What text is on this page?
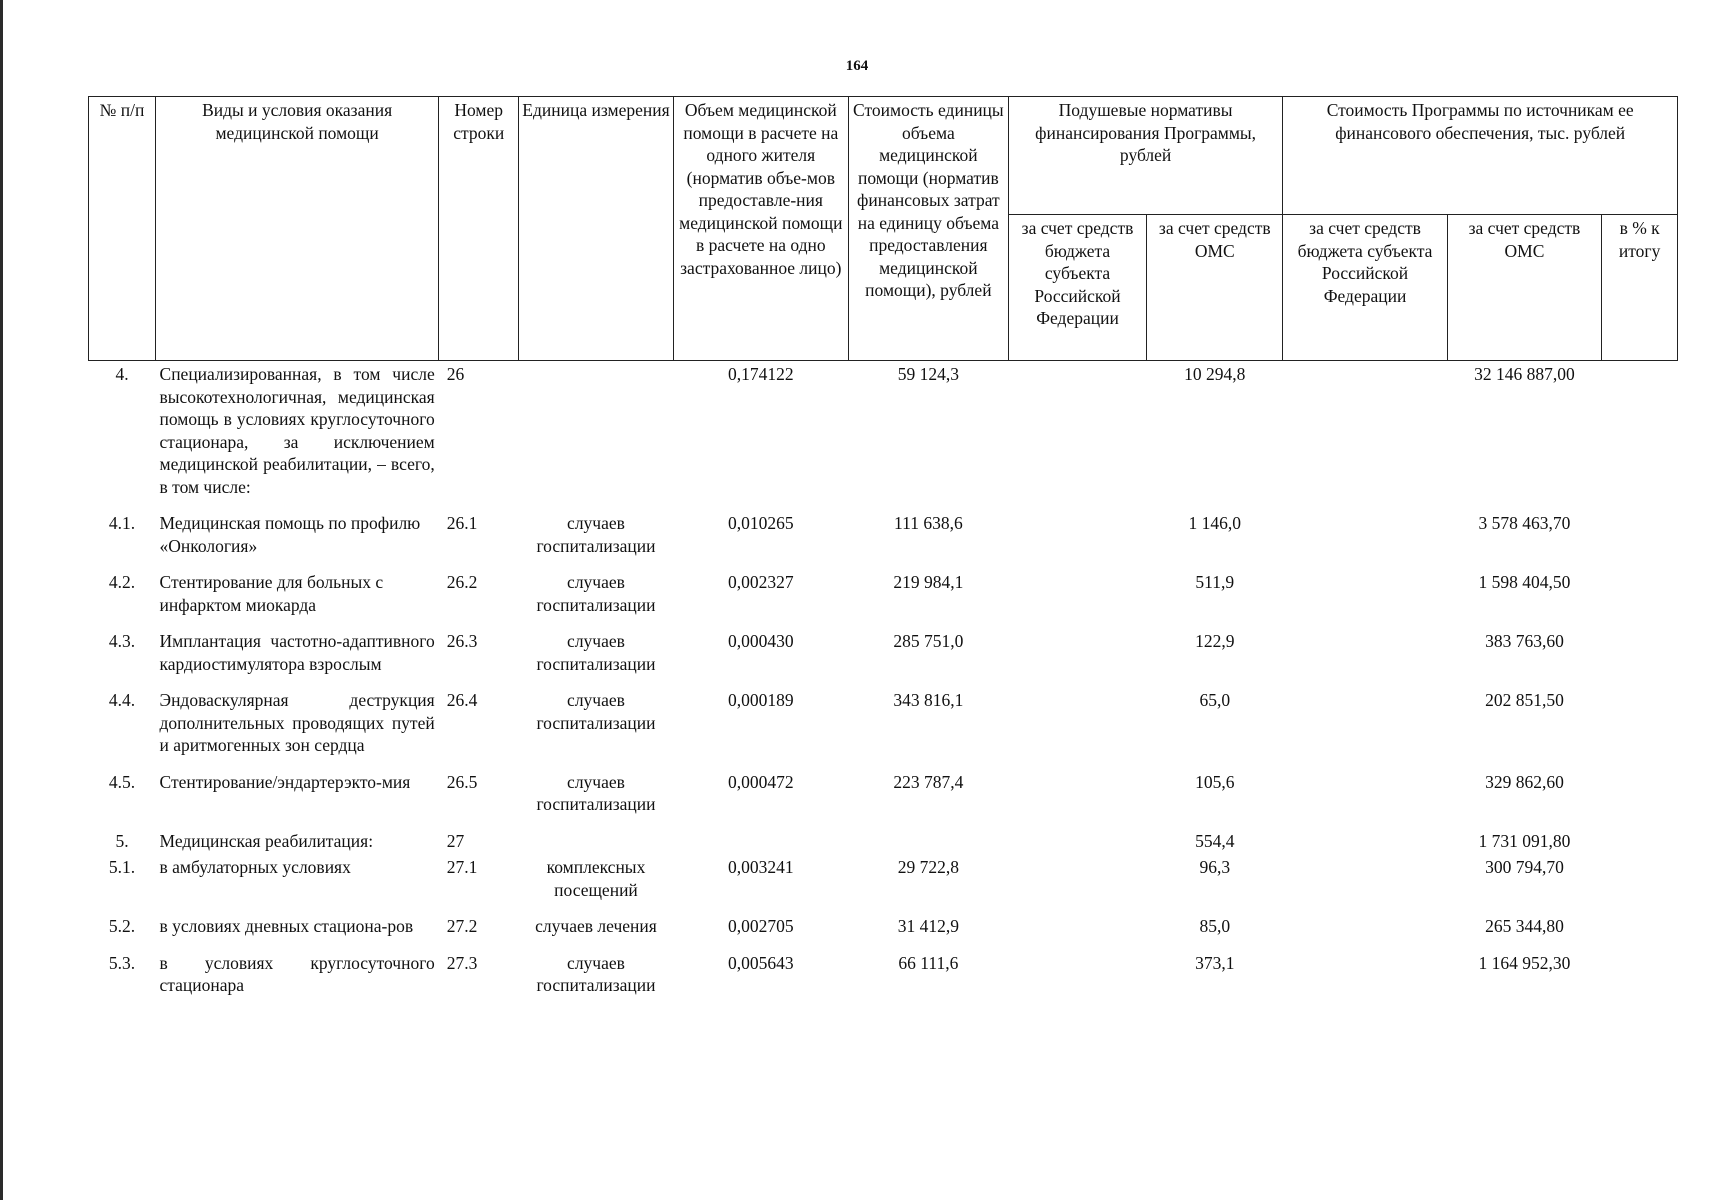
164
№ п/п	Виды и условия оказания медицинской помощи	Номер строки	Единица измерения	Объем медицинской помощи в расчете на одного жителя (норматив объе-мов предоставле-ния медицинской помощи в расчете на одно застрахованное лицо)	Стоимость единицы объема медицинской помощи (норматив финансовых затрат на единицу объема предоставления медицинской помощи), рублей	Подушевые нормативы финансирования Программы, рублей		Стоимость Программы по источникам ее финансового обеспечения, тыс. рублей		
						за счет средств бюджета субъекта Российской Федерации	за счет средств ОМС	за счет средств бюджета субъекта Российской Федерации	за счет средств ОМС	в % к итогу
4.	Специализированная, в том числе высокотехнологичная, медицинская помощь в условиях круглосуточного стационара, за исключением медицинской реабилитации, – всего, в том числе:	26		0,174122	59 124,3		10 294,8		32 146 887,00	
4.1.	Медицинская помощь по профилю «Онкология»	26.1	случаев госпитализации	0,010265	111 638,6		1 146,0		3 578 463,70	
4.2.	Стентирование для больных с инфарктом миокарда	26.2	случаев госпитализации	0,002327	219 984,1		511,9		1 598 404,50	
4.3.	Имплантация частотно-адаптивного кардиостимулятора взрослым	26.3	случаев госпитализации	0,000430	285 751,0		122,9		383 763,60	
4.4.	Эндоваскулярная деструкция дополнительных проводящих путей и аритмогенных зон сердца	26.4	случаев госпитализации	0,000189	343 816,1		65,0		202 851,50	
4.5.	Стентирование/эндартерэкто-мия	26.5	случаев госпитализации	0,000472	223 787,4		105,6		329 862,60	
5.	Медицинская реабилитация:	27					554,4		1 731 091,80	
5.1.	в амбулаторных условиях	27.1	комплексных посещений	0,003241	29 722,8		96,3		300 794,70	
5.2.	в условиях дневных стациона-ров	27.2	случаев лечения	0,002705	31 412,9		85,0		265 344,80	
5.3.	в условиях круглосуточного стационара	27.3	случаев госпитализации	0,005643	66 111,6		373,1		1 164 952,30	
